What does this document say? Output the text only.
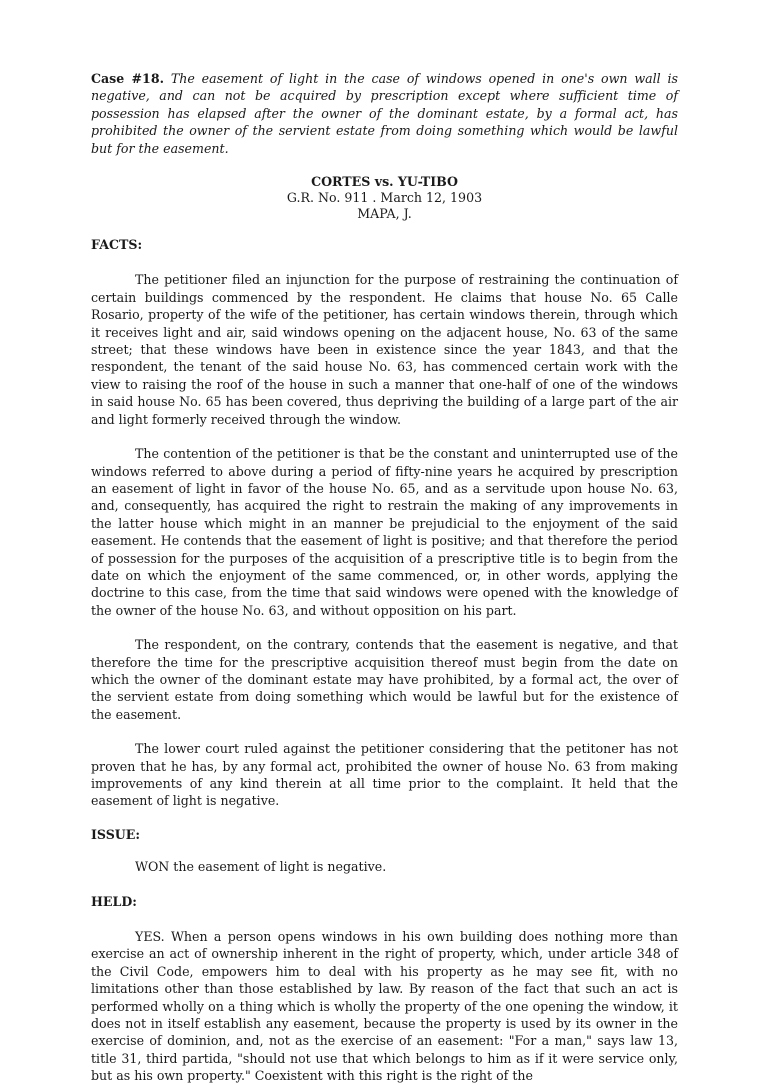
Case #18. The easement of light in the case of windows opened in one's own wall is negative, and can not be acquired by prescription except where sufficient time of possession has elapsed after the owner of the dominant estate, by a formal act, has prohibited the owner of the servient estate from doing something which would be lawful but for the easement.

CORTES vs. YU-TIBO
G.R. No. 911 . March 12, 1903
MAPA, J.

FACTS:

The petitioner filed an injunction for the purpose of restraining the continuation of certain buildings commenced by the respondent. He claims that house No. 65 Calle Rosario, property of the wife of the petitioner, has certain windows therein, through which it receives light and air, said windows opening on the adjacent house, No. 63 of the same street; that these windows have been in existence since the year 1843, and that the respondent, the tenant of the said house No. 63, has commenced certain work with the view to raising the roof of the house in such a manner that one-half of one of the windows in said house No. 65 has been covered, thus depriving the building of a large part of the air and light formerly received through the window.

The contention of the petitioner is that be the constant and uninterrupted use of the windows referred to above during a period of fifty-nine years he acquired by prescription an easement of light in favor of the house No. 65, and as a servitude upon house No. 63, and, consequently, has acquired the right to restrain the making of any improvements in the latter house which might in an manner be prejudicial to the enjoyment of the said easement. He contends that the easement of light is positive; and that therefore the period of possession for the purposes of the acquisition of a prescriptive title is to begin from the date on which the enjoyment of the same commenced, or, in other words, applying the doctrine to this case, from the time that said windows were opened with the knowledge of the owner of the house No. 63, and without opposition on his part.

The respondent, on the contrary, contends that the easement is negative, and that therefore the time for the prescriptive acquisition thereof must begin from the date on which the owner of the dominant estate may have prohibited, by a formal act, the over of the servient estate from doing something which would be lawful but for the existence of the easement.

The lower court ruled against the petitioner considering that the petitoner has not proven that he has, by any formal act, prohibited the owner of house No. 63 from making improvements of any kind therein at all time prior to the complaint. It held that the easement of light is negative.

ISSUE:

WON the easement of light is negative.

HELD:

YES. When a person opens windows in his own building does nothing more than exercise an act of ownership inherent in the right of property, which, under article 348 of the Civil Code, empowers him to deal with his property as he may see fit, with no limitations other than those established by law. By reason of the fact that such an act is performed wholly on a thing which is wholly the property of the one opening the window, it does not in itself establish any easement, because the property is used by its owner in the exercise of dominion, and, not as the exercise of an easement: "For a man," says law 13, title 31, third partida, "should not use that which belongs to him as if it were service only, but as his own property." Coexistent with this right is the right of the
